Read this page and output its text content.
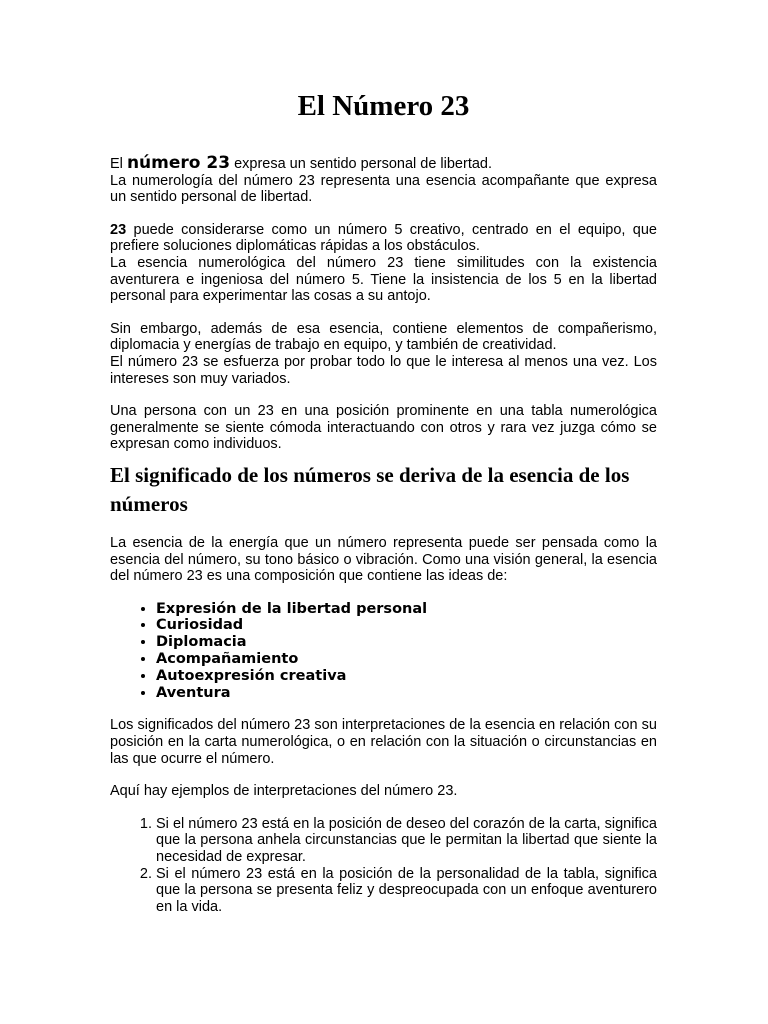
El Número 23

El número 23 expresa un sentido personal de libertad.

La numerología del número 23 representa una esencia acompañante que expresa un sentido personal de libertad.

23 puede considerarse como un número 5 creativo, centrado en el equipo, que prefiere soluciones diplomáticas rápidas a los obstáculos.

La esencia numerológica del número 23 tiene similitudes con la existencia aventurera e ingeniosa del número 5. Tiene la insistencia de los 5 en la libertad personal para experimentar las cosas a su antojo.

Sin embargo, además de esa esencia, contiene elementos de compañerismo, diplomacia y energías de trabajo en equipo, y también de creatividad.

El número 23 se esfuerza por probar todo lo que le interesa al menos una vez. Los intereses son muy variados.

Una persona con un 23 en una posición prominente en una tabla numerológica generalmente se siente cómoda interactuando con otros y rara vez juzga cómo se expresan como individuos.

El significado de los números se deriva de la esencia de los números

La esencia de la energía que un número representa puede ser pensada como la esencia del número, su tono básico o vibración. Como una visión general, la esencia del número 23 es una composición que contiene las ideas de:

• Expresión de la libertad personal
• Curiosidad
• Diplomacia
• Acompañamiento
• Autoexpresión creativa
• Aventura

Los significados del número 23 son interpretaciones de la esencia en relación con su posición en la carta numerológica, o en relación con la situación o circunstancias en las que ocurre el número.

Aquí hay ejemplos de interpretaciones del número 23.

1. Si el número 23 está en la posición de deseo del corazón de la carta, significa que la persona anhela circunstancias que le permitan la libertad que siente la necesidad de expresar.
2. Si el número 23 está en la posición de la personalidad de la tabla, significa que la persona se presenta feliz y despreocupada con un enfoque aventurero en la vida.
